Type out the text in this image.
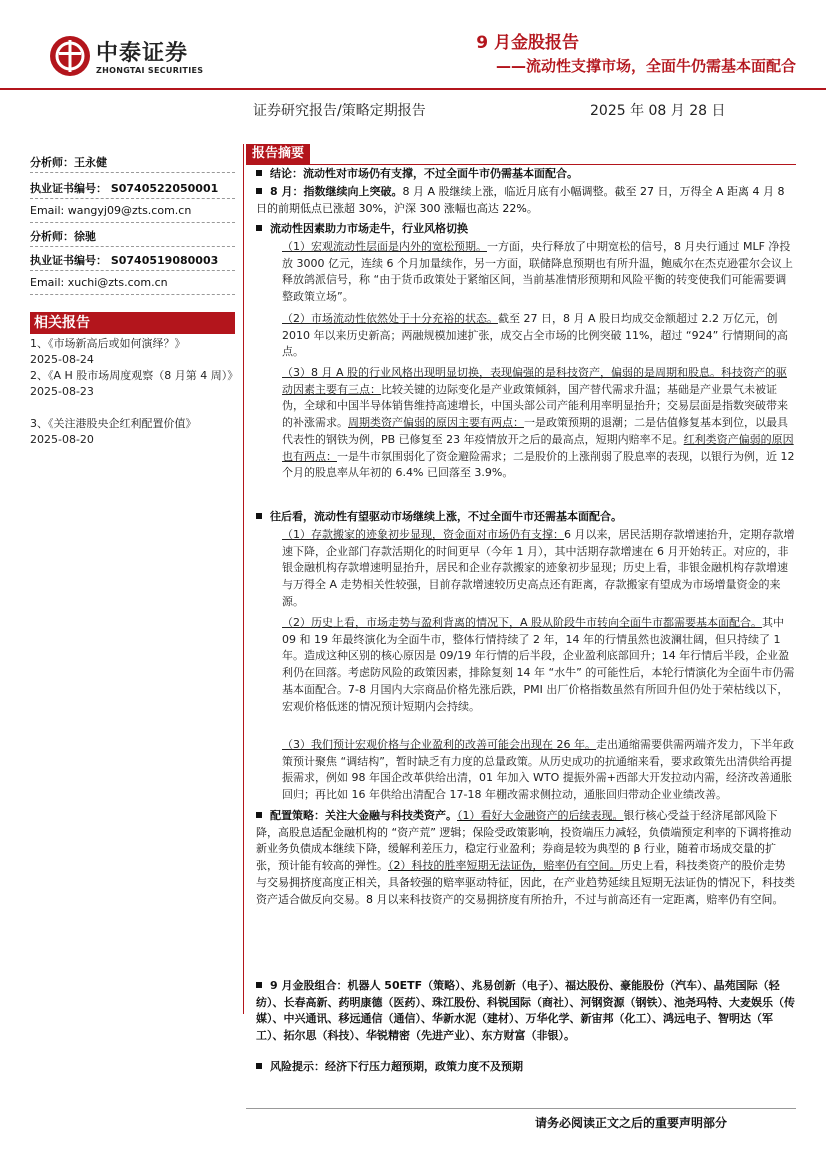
中泰证券
ZHONGTAI SECURITIES
9 月金股报告
——流动性支撑市场，全面牛仍需基本面配合
证券研究报告/策略定期报告	2025 年 08 月 28 日
分析师：王永健
执业证书编号： S0740522050001
Email: wangyj09@zts.com.cn
分析师：徐驰
执业证书编号： S0740519080003
Email: xuchi@zts.com.cn
相关报告
1、《市场新高后或如何演绎？》
2025-08-24
2、《A H 股市场周度观察（8 月第 4 周）》
2025-08-23
3、《关注港股央企红利配置价值》
2025-08-20
报告摘要
结论：流动性对市场仍有支撑，不过全面牛市仍需基本面配合。
8 月：指数继续向上突破。8 月 A 股继续上涨，临近月底有小幅调整。截至 27 日，万得全 A 距离 4 月 8 日的前期低点已涨超 30%，沪深 300 涨幅也高达 22%。
流动性因素助力市场走牛，行业风格切换
（1）宏观流动性层面是内外的宽松预期。一方面，央行释放了中期宽松的信号，8 月央行通过 MLF 净投放 3000 亿元，连续 6 个月加量续作，另一方面，联储降息预期也有所升温，鲍威尔在杰克逊霍尔会议上释放鸽派信号，称 “由于货币政策处于紧缩区间，当前基准情形预期和风险平衡的转变使我们可能需要调整政策立场”。
（2）市场流动性依然处于十分充裕的状态。截至 27 日，8 月 A 股日均成交金额超过 2.2 万亿元，创 2010 年以来历史新高；两融规模加速扩张，成交占全市场的比例突破 11%，超过 “924” 行情期间的高点。
（3）8 月 A 股的行业风格出现明显切换，表现偏强的是科技资产，偏弱的是周期和股息。科技资产的驱动因素主要有三点：比较关键的边际变化是产业政策倾斜，国产替代需求升温；基础是产业景气未被证伪，全球和中国半导体销售维持高速增长，中国头部公司产能利用率明显抬升；交易层面是指数突破带来的补涨需求。周期类资产偏弱的原因主要有两点：一是政策预期的退潮；二是估值修复基本到位，以最具代表性的钢铁为例，PB 已修复至 23 年疫情放开之后的最高点，短期内赔率不足。红利类资产偏弱的原因也有两点：一是牛市氛围弱化了资金避险需求；二是股价的上涨削弱了股息率的表现，以银行为例，近 12 个月的股息率从年初的 6.4% 已回落至 3.9%。
往后看，流动性有望驱动市场继续上涨，不过全面牛市还需基本面配合。
（1）存款搬家的迹象初步显现，资金面对市场仍有支撑：6 月以来，居民活期存款增速抬升，定期存款增速下降，企业部门存款活期化的时间更早（今年 1 月），其中活期存款增速在 6 月开始转正。对应的，非银金融机构存款增速明显抬升，居民和企业存款搬家的迹象初步显现；历史上看，非银金融机构存款增速与万得全 A 走势相关性较强，目前存款增速较历史高点还有距离，存款搬家有望成为市场增量资金的来源。
（2）历史上看，市场走势与盈利背离的情况下，A 股从阶段牛市转向全面牛市都需要基本面配合。其中 09 和 19 年最终演化为全面牛市，整体行情持续了 2 年，14 年的行情虽然也波澜壮阔，但只持续了 1 年。造成这种区别的核心原因是 09/19 年行情的后半段，企业盈利底部回升；14 年行情后半段，企业盈利仍在回落。考虑防风险的政策因素，排除复刻 14 年 “水牛” 的可能性后，本轮行情演化为全面牛市仍需基本面配合。7-8 月国内大宗商品价格先涨后跌，PMI 出厂价格指数虽然有所回升但仍处于荣枯线以下，宏观价格低迷的情况预计短期内会持续。
（3）我们预计宏观价格与企业盈利的改善可能会出现在 26 年。走出通缩需要供需两端齐发力，下半年政策预计聚焦 “调结构”，暂时缺乏有力度的总量政策。从历史成功的抗通缩来看，要求政策先出清供给再提振需求，例如 98 年国企改革供给出清，01 年加入 WTO 提振外需+西部大开发拉动内需，经济改善通胀回归；再比如 16 年供给出清配合 17-18 年棚改需求侧拉动，通胀回归带动企业业绩改善。
配置策略：关注大金融与科技类资产。（1）看好大金融资产的后续表现。银行核心受益于经济尾部风险下降，高股息适配金融机构的 “资产荒” 逻辑；保险受政策影响，投资端压力减轻，负债端预定利率的下调将推动新业务负债成本继续下降，缓解利差压力，稳定行业盈利；券商是较为典型的 β 行业，随着市场成交量的扩张，预计能有较高的弹性。（2）科技的胜率短期无法证伪，赔率仍有空间。历史上看，科技类资产的股价走势与交易拥挤度高度正相关，具备较强的赔率驱动特征，因此，在产业趋势延续且短期无法证伪的情况下，科技类资产适合做反向交易。8 月以来科技资产的交易拥挤度有所抬升，不过与前高还有一定距离，赔率仍有空间。
9 月金股组合：机器人 50ETF（策略）、兆易创新（电子）、福达股份、豪能股份（汽车）、晶苑国际（轻纺）、长春高新、药明康德（医药）、珠江股份、科锐国际（商社）、河钢资源（钢铁）、池尧玛特、大麦娱乐（传媒）、中兴通讯、移远通信（通信）、华新水泥（建材）、万华化学、新宙邦（化工）、鸿远电子、智明达（军工）、拓尔思（科技）、华锐精密（先进产业）、东方财富（非银）。
风险提示：经济下行压力超预期，政策力度不及预期
请务必阅读正文之后的重要声明部分
